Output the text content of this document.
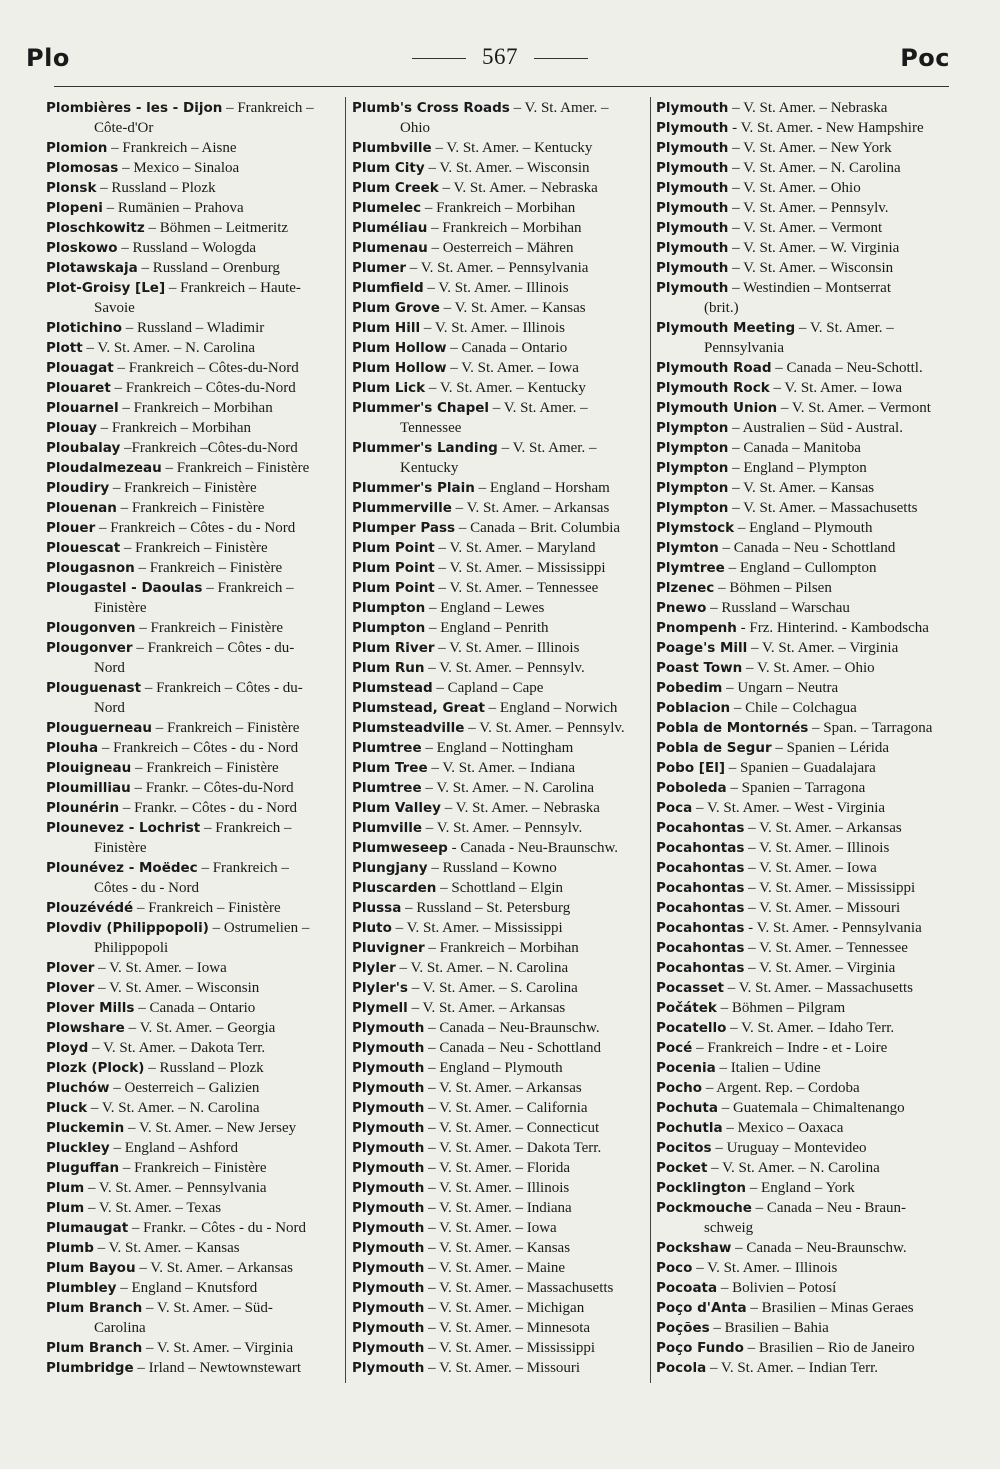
Plo	567	Poc
Plombières - les - Dijon – Frankreich –
Côte-d'Or
Plomion – Frankreich – Aisne
Plomosas – Mexico – Sinaloa
Plonsk – Russland – Plozk
Plopeni – Rumänien – Prahova
Ploschkowitz – Böhmen – Leitmeritz
Ploskowo – Russland – Wologda
Plotawskaja – Russland – Orenburg
Plot-Groisy [Le] – Frankreich – Haute-
Savoie
Plotichino – Russland – Wladimir
Plott – V. St. Amer. – N. Carolina
Plouagat – Frankreich – Côtes-du-Nord
Plouaret – Frankreich – Côtes-du-Nord
Plouarnel – Frankreich – Morbihan
Plouay – Frankreich – Morbihan
Ploubalay –Frankreich –Côtes-du-Nord
Ploudalmezeau – Frankreich – Finistère
Ploudiry – Frankreich – Finistère
Plouenan – Frankreich – Finistère
Plouer – Frankreich – Côtes - du - Nord
Plouescat – Frankreich – Finistère
Plougasnon – Frankreich – Finistère
Plougastel - Daoulas – Frankreich –
Finistère
Plougonven – Frankreich – Finistère
Plougonver – Frankreich – Côtes - du-
Nord
Plouguenast – Frankreich – Côtes - du-
Nord
Plouguerneau – Frankreich – Finistère
Plouha – Frankreich – Côtes - du - Nord
Plouigneau – Frankreich – Finistère
Ploumilliau – Frankr. – Côtes-du-Nord
Plounérin – Frankr. – Côtes - du - Nord
Plounevez - Lochrist – Frankreich –
Finistère
Plounévez - Moëdec – Frankreich –
Côtes - du - Nord
Plouzévédé – Frankreich – Finistère
Plovdiv (Philippopoli) – Ostrumelien –
Philippopoli
Plover – V. St. Amer. – Iowa
Plover – V. St. Amer. – Wisconsin
Plover Mills – Canada – Ontario
Plowshare – V. St. Amer. – Georgia
Ployd – V. St. Amer. – Dakota Terr.
Plozk (Plock) – Russland – Plozk
Pluchów – Oesterreich – Galizien
Pluck – V. St. Amer. – N. Carolina
Pluckemin – V. St. Amer. – New Jersey
Pluckley – England – Ashford
Pluguffan – Frankreich – Finistère
Plum – V. St. Amer. – Pennsylvania
Plum – V. St. Amer. – Texas
Plumaugat – Frankr. – Côtes - du - Nord
Plumb – V. St. Amer. – Kansas
Plum Bayou – V. St. Amer. – Arkansas
Plumbley – England – Knutsford
Plum Branch – V. St. Amer. – Süd-
Carolina
Plum Branch – V. St. Amer. – Virginia
Plumbridge – Irland – Newtownstewart
Plumb's Cross Roads – V. St. Amer. –
Ohio
Plumbville – V. St. Amer. – Kentucky
Plum City – V. St. Amer. – Wisconsin
Plum Creek – V. St. Amer. – Nebraska
Plumelec – Frankreich – Morbihan
Pluméliau – Frankreich – Morbihan
Plumenau – Oesterreich – Mähren
Plumer – V. St. Amer. – Pennsylvania
Plumfield – V. St. Amer. – Illinois
Plum Grove – V. St. Amer. – Kansas
Plum Hill – V. St. Amer. – Illinois
Plum Hollow – Canada – Ontario
Plum Hollow – V. St. Amer. – Iowa
Plum Lick – V. St. Amer. – Kentucky
Plummer's Chapel – V. St. Amer. –
Tennessee
Plummer's Landing – V. St. Amer. –
Kentucky
Plummer's Plain – England – Horsham
Plummerville – V. St. Amer. – Arkansas
Plumper Pass – Canada – Brit. Columbia
Plum Point – V. St. Amer. – Maryland
Plum Point – V. St. Amer. – Mississippi
Plum Point – V. St. Amer. – Tennessee
Plumpton – England – Lewes
Plumpton – England – Penrith
Plum River – V. St. Amer. – Illinois
Plum Run – V. St. Amer. – Pennsylv.
Plumstead – Capland – Cape
Plumstead, Great – England – Norwich
Plumsteadville – V. St. Amer. – Pennsylv.
Plumtree – England – Nottingham
Plum Tree – V. St. Amer. – Indiana
Plumtree – V. St. Amer. – N. Carolina
Plum Valley – V. St. Amer. – Nebraska
Plumville – V. St. Amer. – Pennsylv.
Plumweseep - Canada - Neu-Braunschw.
Plungjany – Russland – Kowno
Pluscarden – Schottland – Elgin
Plussa – Russland – St. Petersburg
Pluto – V. St. Amer. – Mississippi
Pluvigner – Frankreich – Morbihan
Plyler – V. St. Amer. – N. Carolina
Plyler's – V. St. Amer. – S. Carolina
Plymell – V. St. Amer. – Arkansas
Plymouth – Canada – Neu-Braunschw.
Plymouth – Canada – Neu - Schottland
Plymouth – England – Plymouth
Plymouth – V. St. Amer. – Arkansas
Plymouth – V. St. Amer. – California
Plymouth – V. St. Amer. – Connecticut
Plymouth – V. St. Amer. – Dakota Terr.
Plymouth – V. St. Amer. – Florida
Plymouth – V. St. Amer. – Illinois
Plymouth – V. St. Amer. – Indiana
Plymouth – V. St. Amer. – Iowa
Plymouth – V. St. Amer. – Kansas
Plymouth – V. St. Amer. – Maine
Plymouth – V. St. Amer. – Massachusetts
Plymouth – V. St. Amer. – Michigan
Plymouth – V. St. Amer. – Minnesota
Plymouth – V. St. Amer. – Mississippi
Plymouth – V. St. Amer. – Missouri
Plymouth – V. St. Amer. – Nebraska
Plymouth - V. St. Amer. - New Hampshire
Plymouth – V. St. Amer. – New York
Plymouth – V. St. Amer. – N. Carolina
Plymouth – V. St. Amer. – Ohio
Plymouth – V. St. Amer. – Pennsylv.
Plymouth – V. St. Amer. – Vermont
Plymouth – V. St. Amer. – W. Virginia
Plymouth – V. St. Amer. – Wisconsin
Plymouth – Westindien – Montserrat
(brit.)
Plymouth Meeting – V. St. Amer. –
Pennsylvania
Plymouth Road – Canada – Neu-Schottl.
Plymouth Rock – V. St. Amer. – Iowa
Plymouth Union – V. St. Amer. – Vermont
Plympton – Australien – Süd - Austral.
Plympton – Canada – Manitoba
Plympton – England – Plympton
Plympton – V. St. Amer. – Kansas
Plympton – V. St. Amer. – Massachusetts
Plymstock – England – Plymouth
Plymton – Canada – Neu - Schottland
Plymtree – England – Cullompton
Plzenec – Böhmen – Pilsen
Pnewo – Russland – Warschau
Pnompenh - Frz. Hinterind. - Kambodscha
Poage's Mill – V. St. Amer. – Virginia
Poast Town – V. St. Amer. – Ohio
Pobedim – Ungarn – Neutra
Poblacion – Chile – Colchagua
Pobla de Montornés – Span. – Tarragona
Pobla de Segur – Spanien – Lérida
Pobo [El] – Spanien – Guadalajara
Poboleda – Spanien – Tarragona
Poca – V. St. Amer. – West - Virginia
Pocahontas – V. St. Amer. – Arkansas
Pocahontas – V. St. Amer. – Illinois
Pocahontas – V. St. Amer. – Iowa
Pocahontas – V. St. Amer. – Mississippi
Pocahontas – V. St. Amer. – Missouri
Pocahontas - V. St. Amer. - Pennsylvania
Pocahontas – V. St. Amer. – Tennessee
Pocahontas – V. St. Amer. – Virginia
Pocasset – V. St. Amer. – Massachusetts
Počátek – Böhmen – Pilgram
Pocatello – V. St. Amer. – Idaho Terr.
Pocé – Frankreich – Indre - et - Loire
Pocenia – Italien – Udine
Pocho – Argent. Rep. – Cordoba
Pochuta – Guatemala – Chimaltenango
Pochutla – Mexico – Oaxaca
Pocitos – Uruguay – Montevideo
Pocket – V. St. Amer. – N. Carolina
Pocklington – England – York
Pockmouche – Canada – Neu - Braun-
schweig
Pockshaw – Canada – Neu-Braunschw.
Poco – V. St. Amer. – Illinois
Pocoata – Bolivien – Potosí
Poço d'Anta – Brasilien – Minas Geraes
Poções – Brasilien – Bahia
Poço Fundo – Brasilien – Rio de Janeiro
Pocola – V. St. Amer. – Indian Terr.
